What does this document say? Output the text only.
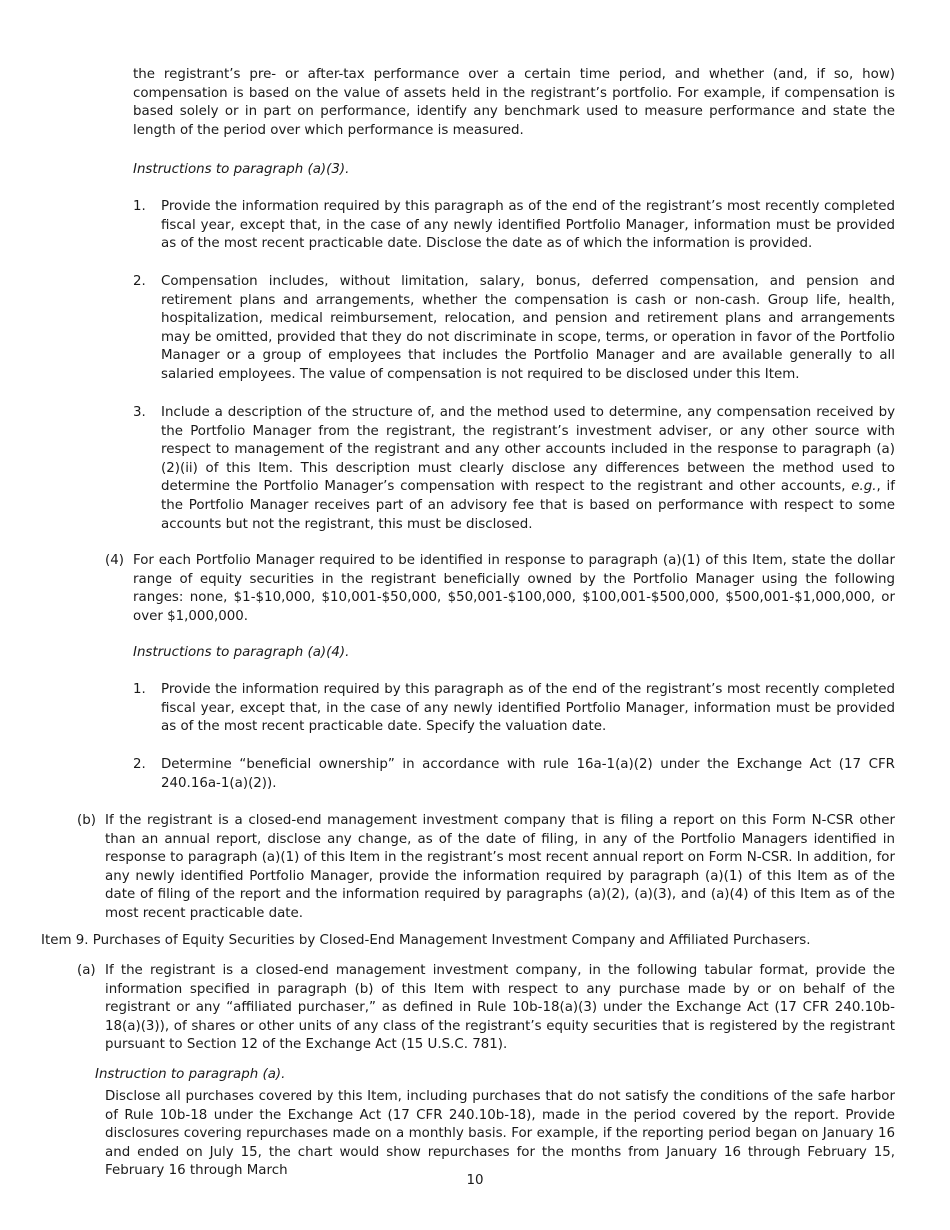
the registrant’s pre- or after-tax performance over a certain time period, and whether (and, if so, how) compensation is based on the value of assets held in the registrant’s portfolio. For example, if compensation is based solely or in part on performance, identify any benchmark used to measure performance and state the length of the period over which performance is measured.

Instructions to paragraph (a)(3).
1. Provide the information required by this paragraph as of the end of the registrant’s most recently completed fiscal year, except that, in the case of any newly identified Portfolio Manager, information must be provided as of the most recent practicable date. Disclose the date as of which the information is provided.

2. Compensation includes, without limitation, salary, bonus, deferred compensation, and pension and retirement plans and arrangements, whether the compensation is cash or non-cash. Group life, health, hospitalization, medical reimbursement, relocation, and pension and retirement plans and arrangements may be omitted, provided that they do not discriminate in scope, terms, or operation in favor of the Portfolio Manager or a group of employees that includes the Portfolio Manager and are available generally to all salaried employees. The value of compensation is not required to be disclosed under this Item.

3. Include a description of the structure of, and the method used to determine, any compensation received by the Portfolio Manager from the registrant, the registrant’s investment adviser, or any other source with respect to management of the registrant and any other accounts included in the response to paragraph (a)(2)(ii) of this Item. This description must clearly disclose any differences between the method used to determine the Portfolio Manager’s compensation with respect to the registrant and other accounts, e.g., if the Portfolio Manager receives part of an advisory fee that is based on performance with respect to some accounts but not the registrant, this must be disclosed.

(4) For each Portfolio Manager required to be identified in response to paragraph (a)(1) of this Item, state the dollar range of equity securities in the registrant beneficially owned by the Portfolio Manager using the following ranges: none, $1-$10,000, $10,001-$50,000, $50,001-$100,000, $100,001-$500,000, $500,001-$1,000,000, or over $1,000,000.

Instructions to paragraph (a)(4).
1. Provide the information required by this paragraph as of the end of the registrant’s most recently completed fiscal year, except that, in the case of any newly identified Portfolio Manager, information must be provided as of the most recent practicable date. Specify the valuation date.

2. Determine “beneficial ownership” in accordance with rule 16a-1(a)(2) under the Exchange Act (17 CFR 240.16a-1(a)(2)).

(b) If the registrant is a closed-end management investment company that is filing a report on this Form N-CSR other than an annual report, disclose any change, as of the date of filing, in any of the Portfolio Managers identified in response to paragraph (a)(1) of this Item in the registrant’s most recent annual report on Form N-CSR. In addition, for any newly identified Portfolio Manager, provide the information required by paragraph (a)(1) of this Item as of the date of filing of the report and the information required by paragraphs (a)(2), (a)(3), and (a)(4) of this Item as of the most recent practicable date.

Item 9. Purchases of Equity Securities by Closed-End Management Investment Company and Affiliated Purchasers.
(a) If the registrant is a closed-end management investment company, in the following tabular format, provide the information specified in paragraph (b) of this Item with respect to any purchase made by or on behalf of the registrant or any “affiliated purchaser,” as defined in Rule 10b-18(a)(3) under the Exchange Act (17 CFR 240.10b-18(a)(3)), of shares or other units of any class of the registrant’s equity securities that is registered by the registrant pursuant to Section 12 of the Exchange Act (15 U.S.C. 781).

Instruction to paragraph (a).

Disclose all purchases covered by this Item, including purchases that do not satisfy the conditions of the safe harbor of Rule 10b-18 under the Exchange Act (17 CFR 240.10b-18), made in the period covered by the report. Provide disclosures covering repurchases made on a monthly basis. For example, if the reporting period began on January 16 and ended on July 15, the chart would show repurchases for the months from January 16 through February 15, February 16 through March

10
